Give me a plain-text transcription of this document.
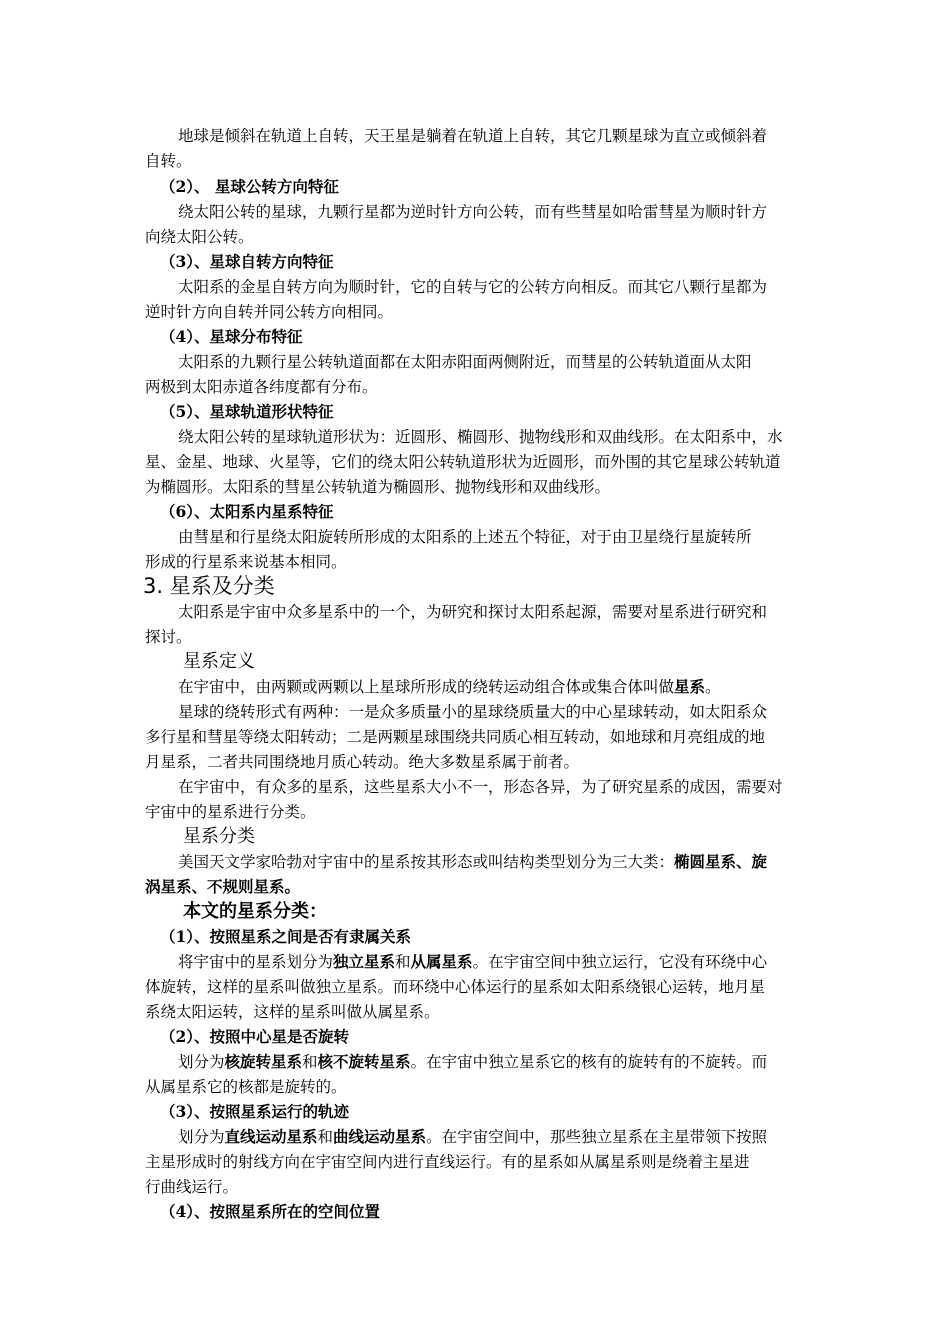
地球是倾斜在轨道上自转，天王星是躺着在轨道上自转，其它几颗星球为直立或倾斜着
自转。
（2）、 星球公转方向特征
绕太阳公转的星球，九颗行星都为逆时针方向公转，而有些彗星如哈雷彗星为顺时针方
向绕太阳公转。
（3）、星球自转方向特征
太阳系的金星自转方向为顺时针，它的自转与它的公转方向相反。而其它八颗行星都为
逆时针方向自转并同公转方向相同。
（4）、星球分布特征
太阳系的九颗行星公转轨道面都在太阳赤阳面两侧附近，而彗星的公转轨道面从太阳
两极到太阳赤道各纬度都有分布。
（5）、星球轨道形状特征
绕太阳公转的星球轨道形状为：近圆形、椭圆形、抛物线形和双曲线形。在太阳系中，水
星、金星、地球、火星等，它们的绕太阳公转轨道形状为近圆形，而外围的其它星球公转轨道
为椭圆形。太阳系的彗星公转轨道为椭圆形、抛物线形和双曲线形。
（6）、太阳系内星系特征
由彗星和行星绕太阳旋转所形成的太阳系的上述五个特征，对于由卫星绕行星旋转所
形成的行星系来说基本相同。
3. 星系及分类
太阳系是宇宙中众多星系中的一个，为研究和探讨太阳系起源，需要对星系进行研究和
探讨。
星系定义
在宇宙中，由两颗或两颗以上星球所形成的绕转运动组合体或集合体叫做星系。
星球的绕转形式有两种：一是众多质量小的星球绕质量大的中心星球转动，如太阳系众
多行星和彗星等绕太阳转动；二是两颗星球围绕共同质心相互转动，如地球和月亮组成的地
月星系，二者共同围绕地月质心转动。绝大多数星系属于前者。
在宇宙中，有众多的星系，这些星系大小不一，形态各异，为了研究星系的成因，需要对
宇宙中的星系进行分类。
星系分类
美国天文学家哈勃对宇宙中的星系按其形态或叫结构类型划分为三大类：椭圆星系、旋
涡星系、不规则星系。
本文的星系分类：
（1）、按照星系之间是否有隶属关系
将宇宙中的星系划分为独立星系和从属星系。在宇宙空间中独立运行，它没有环绕中心
体旋转，这样的星系叫做独立星系。而环绕中心体运行的星系如太阳系绕银心运转，地月星
系绕太阳运转，这样的星系叫做从属星系。
（2）、按照中心星是否旋转
划分为核旋转星系和核不旋转星系。在宇宙中独立星系它的核有的旋转有的不旋转。而
从属星系它的核都是旋转的。
（3）、按照星系运行的轨迹
划分为直线运动星系和曲线运动星系。在宇宙空间中，那些独立星系在主星带领下按照
主星形成时的射线方向在宇宙空间内进行直线运行。有的星系如从属星系则是绕着主星进
行曲线运行。
（4）、按照星系所在的空间位置
